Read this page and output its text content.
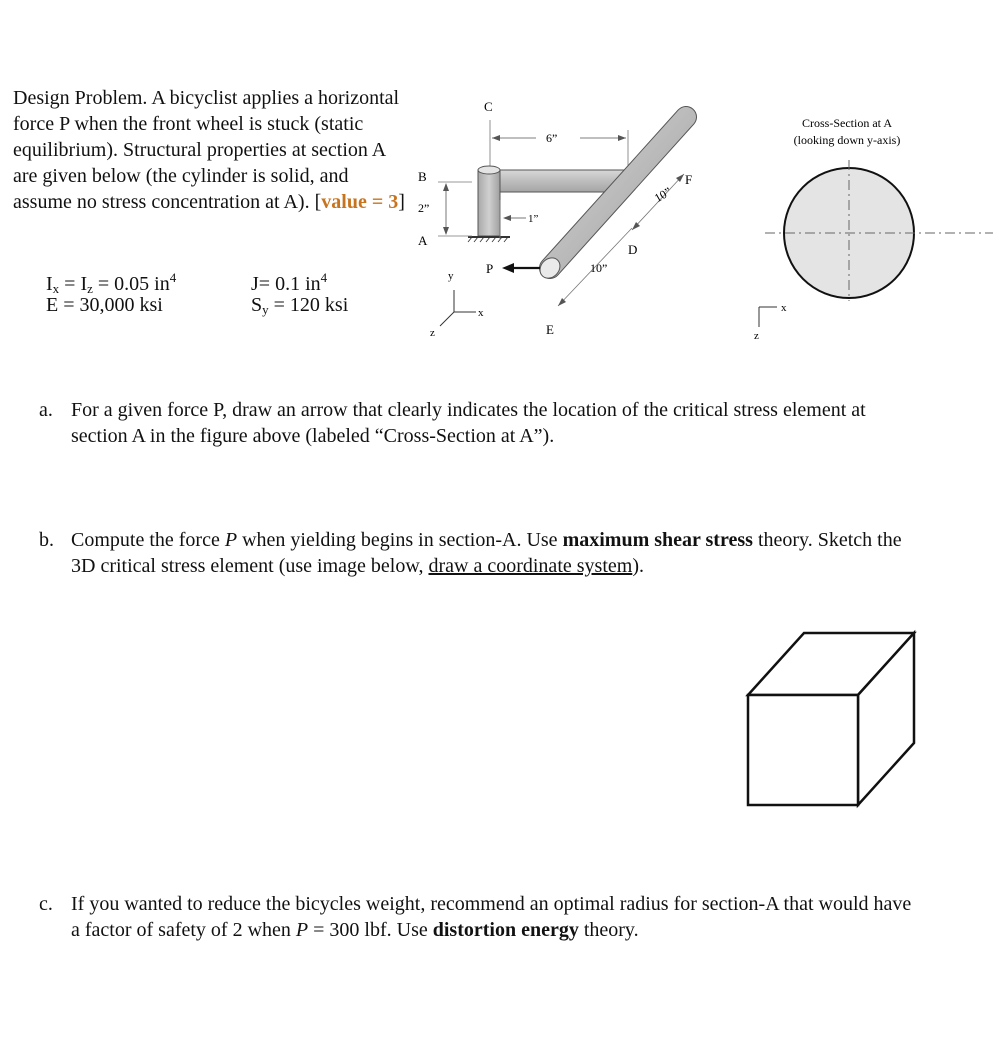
Design Problem. A bicyclist applies a horizontal force P when the front wheel is stuck (static equilibrium). Structural properties at section A are given below (the cylinder is solid, and assume no stress concentration at A). [value = 3]

$I_x = I_z = 0.05$ $in^4$
E = 30,000 ksi
J= 0.1 $in^4$
$S_y = 120$ ksi
C
B
A
6”
2”
1”
10”
10”
F
D
P
E
y
x
z
Cross-Section at A
(looking down y-axis)
x
z
a. For a given force P, draw an arrow that clearly indicates the location of the critical stress element at section A in the figure above (labeled “Cross-Section at A”).
b. Compute the force P when yielding begins in section-A. Use maximum shear stress theory. Sketch the 3D critical stress element (use image below, draw a coordinate system).
c. If you wanted to reduce the bicycles weight, recommend an optimal radius for section-A that would have a factor of safety of 2 when P = 300 lbf. Use distortion energy theory.
